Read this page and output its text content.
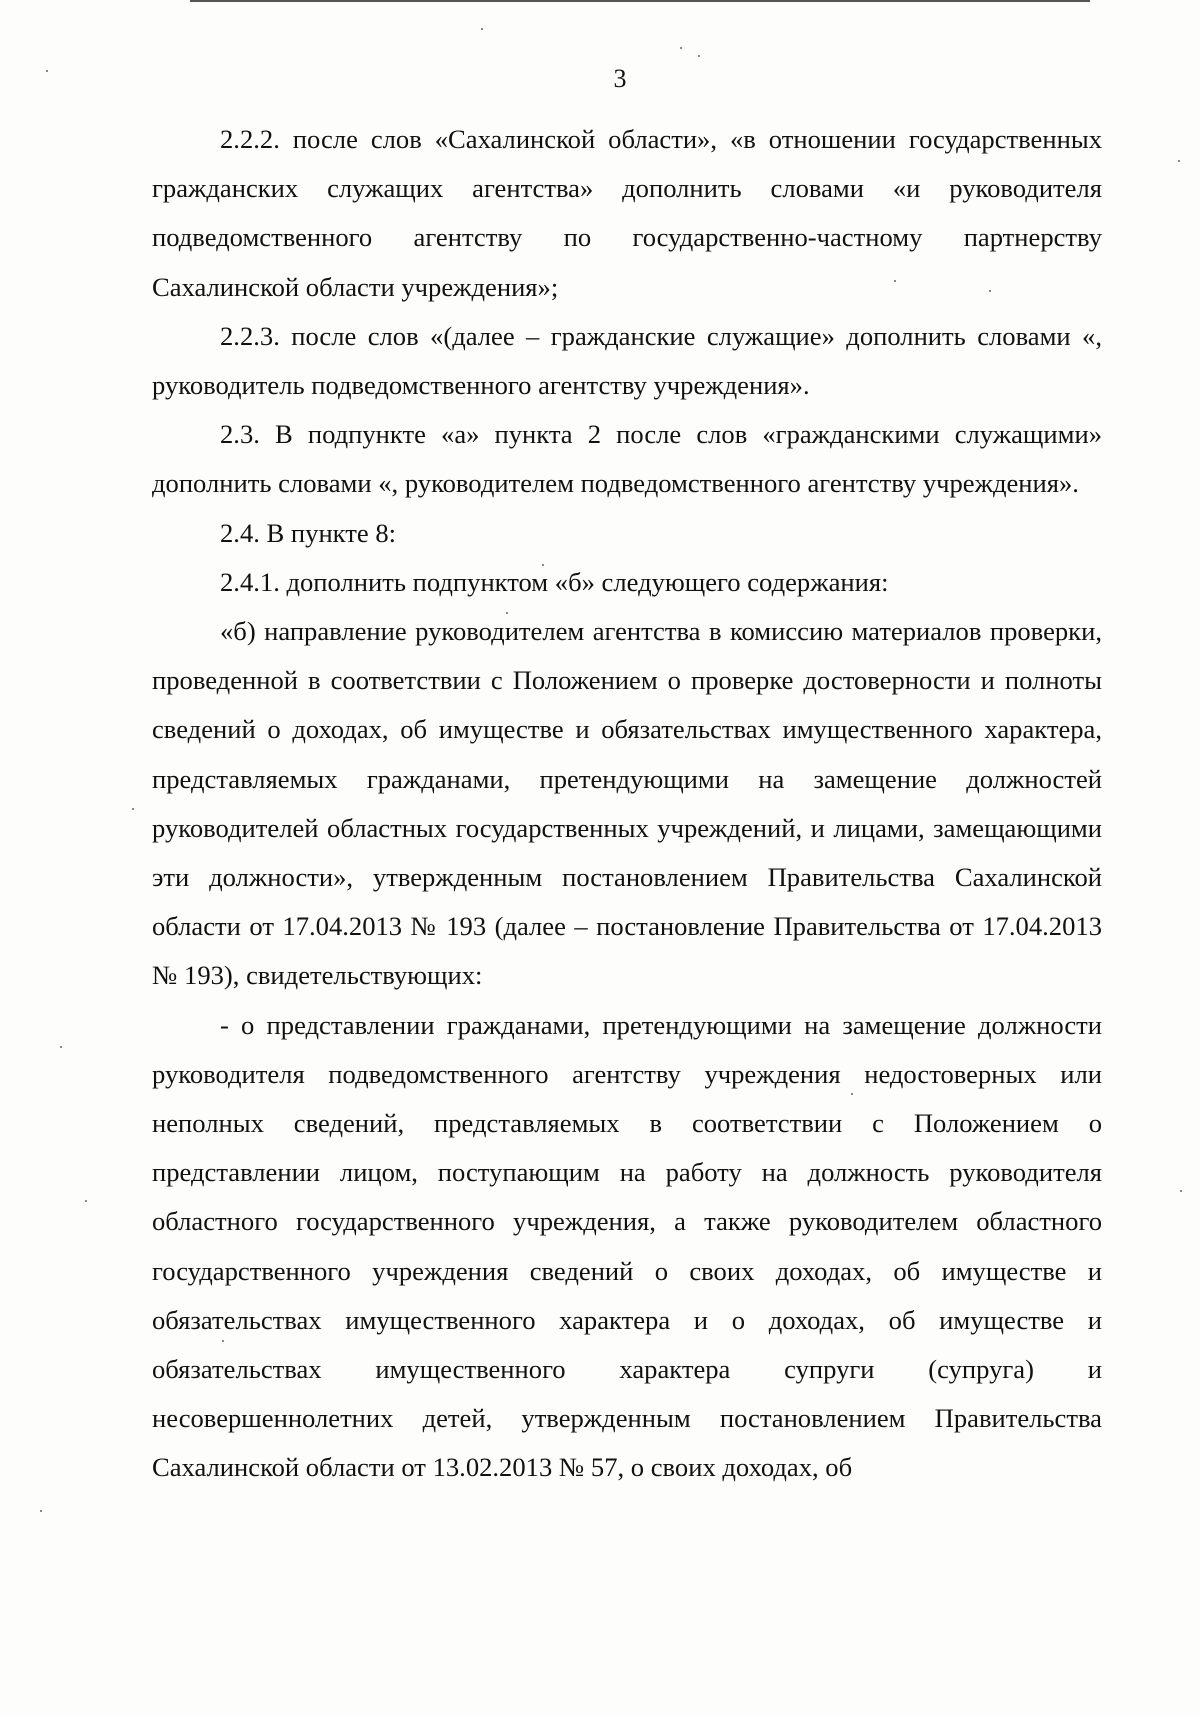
3

2.2.2. после слов «Сахалинской области», «в отношении государственных гражданских служащих агентства» дополнить словами «и руководителя подведомственного агентству по государственно-частному партнерству Сахалинской области учреждения»;

2.2.3. после слов «(далее – гражданские служащие» дополнить словами «, руководитель подведомственного агентству учреждения».

2.3. В подпункте «а» пункта 2 после слов «гражданскими служащими» дополнить словами «, руководителем подведомственного агентству учреждения».

2.4. В пункте 8:

2.4.1. дополнить подпунктом «б» следующего содержания:

«б) направление руководителем агентства в комиссию материалов проверки, проведенной в соответствии с Положением о проверке достоверности и полноты сведений о доходах, об имуществе и обязательствах имущественного характера, представляемых гражданами, претендующими на замещение должностей руководителей областных государственных учреждений, и лицами, замещающими эти должности», утвержденным постановлением Правительства Сахалинской области от 17.04.2013 № 193 (далее – постановление Правительства от 17.04.2013 № 193), свидетельствующих:

- о представлении гражданами, претендующими на замещение должности руководителя подведомственного агентству учреждения недостоверных или неполных сведений, представляемых в соответствии с Положением о представлении лицом, поступающим на работу на должность руководителя областного государственного учреждения, а также руководителем областного государственного учреждения сведений о своих доходах, об имуществе и обязательствах имущественного характера и о доходах, об имуществе и обязательствах имущественного характера супруги (супруга) и несовершеннолетних детей, утвержденным постановлением Правительства Сахалинской области от 13.02.2013 № 57, о своих доходах, об
